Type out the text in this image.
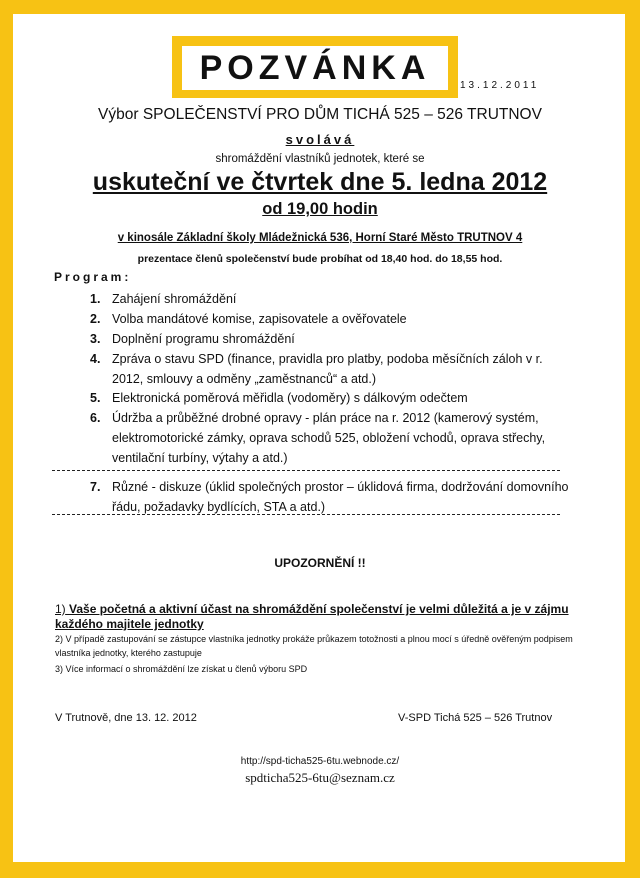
POZVÁNKA	13.12.2011
Výbor SPOLEČENSTVÍ PRO DŮM TICHÁ 525 – 526 TRUTNOV
svolává
shromáždění vlastníků jednotek, které se
uskuteční ve čtvrtek dne 5. ledna 2012
od 19,00 hodin
v kinosále Základní školy Mládežnická 536, Horní Staré Město TRUTNOV 4
prezentace členů společenství bude probíhat od 18,40 hod. do 18,55 hod.
Program:
1. Zahájení shromáždění
2. Volba mandátové komise, zapisovatele a ověřovatele
3. Doplnění programu shromáždění
4. Zpráva o stavu SPD (finance, pravidla pro platby, podoba měsíčních záloh v r. 2012, smlouvy a odměny „zaměstnanců“ a atd.)
5. Elektronická poměrová měřidla (vodoměry) s dálkovým odečtem
6. Údržba a průběžné drobné opravy - plán práce na r. 2012 (kamerový systém, elektromotorické zámky, oprava schodů 525, obložení vchodů, oprava střechy, ventilační turbíny, výtahy a atd.)
7. Různé - diskuze (úklid společných prostor – úklidová firma, dodržování domovního řádu, požadavky bydlících, STA a atd.)
UPOZORNĚNÍ !!
1) Vaše početná a aktivní účast na shromáždění společenství je velmi důležitá a je v zájmu každého majitele jednotky
2) V případě zastupování se zástupce vlastníka jednotky prokáže průkazem totožnosti a plnou mocí s úředně ověřeným podpisem vlastníka jednotky, kterého zastupuje
3) Více informací o shromáždění lze získat u členů výboru SPD
V Trutnově, dne 13. 12. 2012	V-SPD Tichá 525 – 526 Trutnov
http://spd-ticha525-6tu.webnode.cz/
spdticha525-6tu@seznam.cz
